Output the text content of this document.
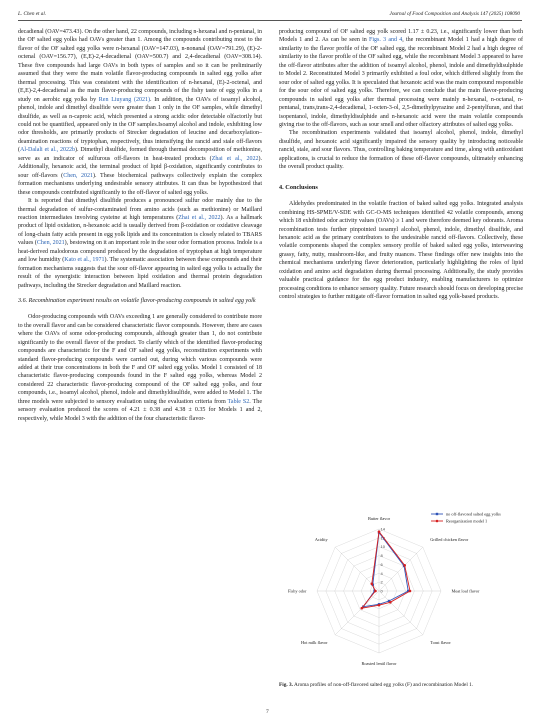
L. Chen et al.	Journal of Food Composition and Analysis 147 (2025) 108090

decadienal (OAV=473.43). On the other hand, 22 compounds, including n-hexanal and n-pentanal, in the OF salted egg yolks had OAVs greater than 1. Among the compounds contributing most to the flavor of the OF salted egg yolks were n-hexanal (OAV=147.03), n-nonanal (OAV=791.29), (E)-2-octenal (OAV=156.77), (E,E)-2,4-decadienal (OAV=500.7) and 2,4-decadienal (OAV=308.14). These five compounds had large OAVs in both types of samples and so it can be preliminarily assumed that they were the main volatile flavor-producing compounds in salted egg yolks after thermal processing. This was consistent with the identification of n-hexanal, (E)-2-octenal, and (E,E)-2,4-decadienal as the main flavor-producing compounds of the fishy taste of egg yolks in a study on aerobic egg yolks by Ren Liuyang (2021). In addition, the OAVs of isoamyl alcohol, phenol, indole and dimethyl disulfide were greater than 1 only in the OF samples, while dimethyl disulfide, as well as n-caproic acid, which presented a strong acidic odor detectable olfactorily but could not be quantified, appeared only in the OF samples.Isoamyl alcohol and indole, exhibiting low odor thresholds, are primarily products of Strecker degradation of leucine and decarboxylation–deamination reactions of tryptophan, respectively, thus intensifying the rancid and stale off-flavors (Al-Dalali et al., 2022b). Dimethyl disulfide, formed through thermal decomposition of methionine, serve as an indicator of sulfurous off-flavors in heat-treated products (Zhai et al., 2022). Additionally, hexanoic acid, the terminal product of lipid β-oxidation, significantly contributes to sour off-flavors (Chen, 2021). These biochemical pathways collectively explain the complex formation mechanisms underlying undesirable sensory attributes. It can thus be hypothesized that these compounds contributed significantly to the off-flavor of salted egg yolks.

It is reported that dimethyl disulfide produces a pronounced sulfur odor mainly due to the thermal degradation of sulfur-contaminated from amino acids (such as methionine) or Maillard reaction intermediates involving cysteine at high temperatures (Zhai et al., 2022). As a hallmark product of lipid oxidation, n-hexanoic acid is usually derived from β-oxidation or oxidative cleavage of long-chain fatty acids present in egg yolk lipids and its concentration is closely related to TBARS values (Chen, 2021), bestowing on it an important role in the sour odor formation process. Indole is a heat-derived malodorous compound produced by the degradation of tryptophan at high temperature and low humidity (Kato et al., 1971). The systematic association between these compounds and their formation mechanisms suggests that the sour off-flavor appearing in salted egg yolks is actually the result of the synergistic interaction between lipid oxidation and thermal protein degradation pathways, including the Strecker degradation and Maillard reaction.

3.6. Recombination experiment results on volatile flavor-producing compounds in salted egg yolk

Odor-producing compounds with OAVs exceeding 1 are generally considered to contribute more to the overall flavor and can be considered characteristic flavor compounds. However, there are cases where the OAVs of some odor-producing compounds, although greater than 1, do not contribute significantly to the overall flavor of the product. To clarify which of the identified flavor-producing compounds are characteristic for the F and OF salted egg yolks, reconstitution experiments with standard flavor-producing compounds were carried out, during which various compounds were added at their true concentrations in both the F and OF salted egg yolks. Model 1 consisted of 18 characteristic flavor-producing compounds found in the F salted egg yolks, whereas Model 2 considered 22 characteristic flavor-producing compound of the OF salted egg yolks, and four compounds, i.e., isoamyl alcohol, phenol, indole and dimethyldisulfide, were added to Model 1. The three models were subjected to sensory evaluation using the evaluation criteria from Table S2. The sensory evaluation produced the scores of 4.21 ± 0.38 and 4.38 ± 0.35 for Models 1 and 2, respectively, while Model 3 with the addition of the four characteristic flavor-

producing compound of OF salted egg yolk scored 1.17 ± 0.23, i.e., significantly lower than both Models 1 and 2. As can be seen in Figs. 3 and 4, the recombinant Model 1 had a high degree of similarity to the flavor profile of the OF salted egg, the recombinant Model 2 had a high degree of similarity to the flavor profile of the OF salted egg, while the recombinant Model 3 appeared to have the off-flavor attributes after the addition of isoamyl alcohol, phenol, indole and dimethyldisulphide to Model 2. Reconstituted Model 3 primarily exhibited a foul odor, which differed slightly from the sour odor of salted egg yolks. It is speculated that hexanoic acid was the main compound responsible for the sour odor of salted egg yolks. Therefore, we can conclude that the main flavor-producing compounds in salted egg yolks after thermal processing were mainly n-hexanal, n-octanal, n-pentanal, trans,trans-2,4-decadienal, 1-octen-3-ol, 2,5-dimethylpyrazine and 2-pentylfuran, and that isopentanol, indole, dimethyldisulphide and n-hexanoic acid were the main volatile compounds giving rise to the off-flavors, such as sour smell and other olfactory attributes of salted egg yolks.

The recombination experiments validated that isoamyl alcohol, phenol, indole, dimethyl disulfide, and hexanoic acid significantly impaired the sensory quality by introducing noticeable rancid, stale, and sour flavors. Thus, controlling baking temperature and time, along with antioxidant applications, is crucial to reduce the formation of these off-flavor compounds, ultimately enhancing the overall product quality.

4. Conclusions

Aldehydes predominated in the volatile fraction of baked salted egg yolks. Integrated analysis combining HS-SPME/V-SDE with GC-O-MS techniques identified 42 volatile compounds, among which 18 exhibited odor activity values (OAVs) ≥ 1 and were therefore deemed key odorants. Aroma recombination tests further pinpointed isoamyl alcohol, phenol, indole, dimethyl disulfide, and hexanoic acid as the primary contributors to the undesirable rancid off-flavors. Collectively, these volatile components shaped the complex sensory profile of baked salted egg yolks, interweaving grassy, fatty, nutty, mushroom-like, and fruity nuances. These findings offer new insights into the chemical mechanisms underlying flavor deterioration, particularly highlighting the roles of lipid oxidation and amino acid degradation during thermal processing. Additionally, the study provides valuable practical guidance for the egg product industry, enabling manufacturers to optimize processing conditions to enhance sensory quality. Future research should focus on developing precise control strategies to further mitigate off-flavor formation in salted egg yolk-based products.

0
2
4
6
8
10
12
14
Butter flavor
Grilled chicken flavor
Meat loaf flavor
Toast flavor
Roasted lentil flavor
Hot milk flavor
Fishy odor
Acidity
no off-flavored salted egg yolks
Reorganization model 1
Fig. 3. Aroma profiles of non-off-flavored salted egg yolks (F) and recombination Model 1.
7
